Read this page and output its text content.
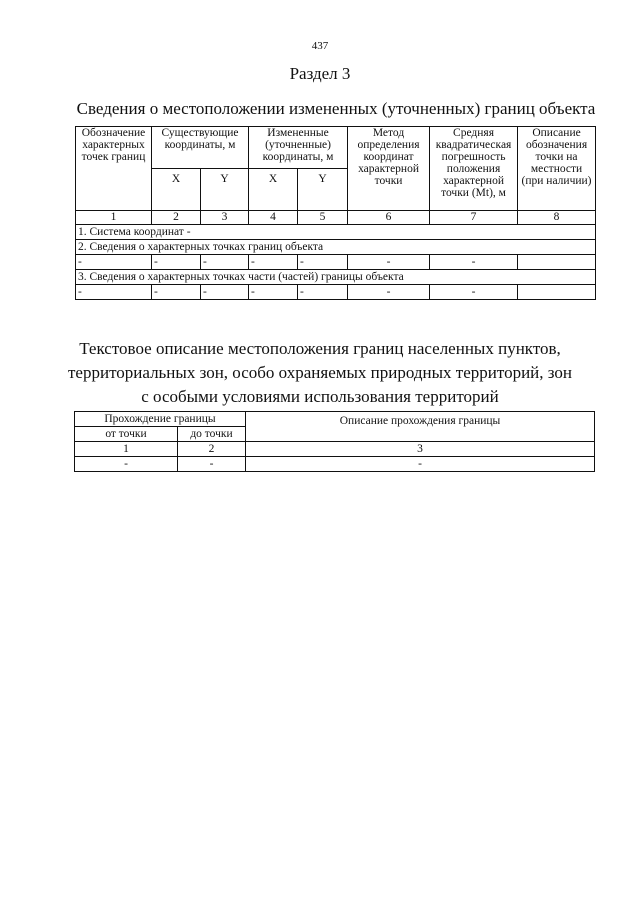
437
Раздел 3
Сведения о местоположении измененных (уточненных) границ объекта
Обозначение характерных точек границ	Существующие координаты, м		Измененные (уточненные) координаты, м		Метод определения координат характерной точки	Средняя квадратическая погрешность положения характерной точки (Mt), м	Описание обозначения точки на местности (при наличии)
	X	Y	X	Y			
1	2	3	4	5	6	7	8
1. Система координат -							
2. Сведения о характерных точках границ объекта							
-	-	-	-	-	-	-	
3. Сведения о характерных точках части (частей) границы объекта							
-	-	-	-	-	-	-	
Текстовое описание местоположения границ населенных пунктов,
территориальных зон, особо охраняемых природных территорий, зон
с особыми условиями использования территорий
Прохождение границы		Описание прохождения границы
от точки	до точки	
1	2	3
-	-	-
